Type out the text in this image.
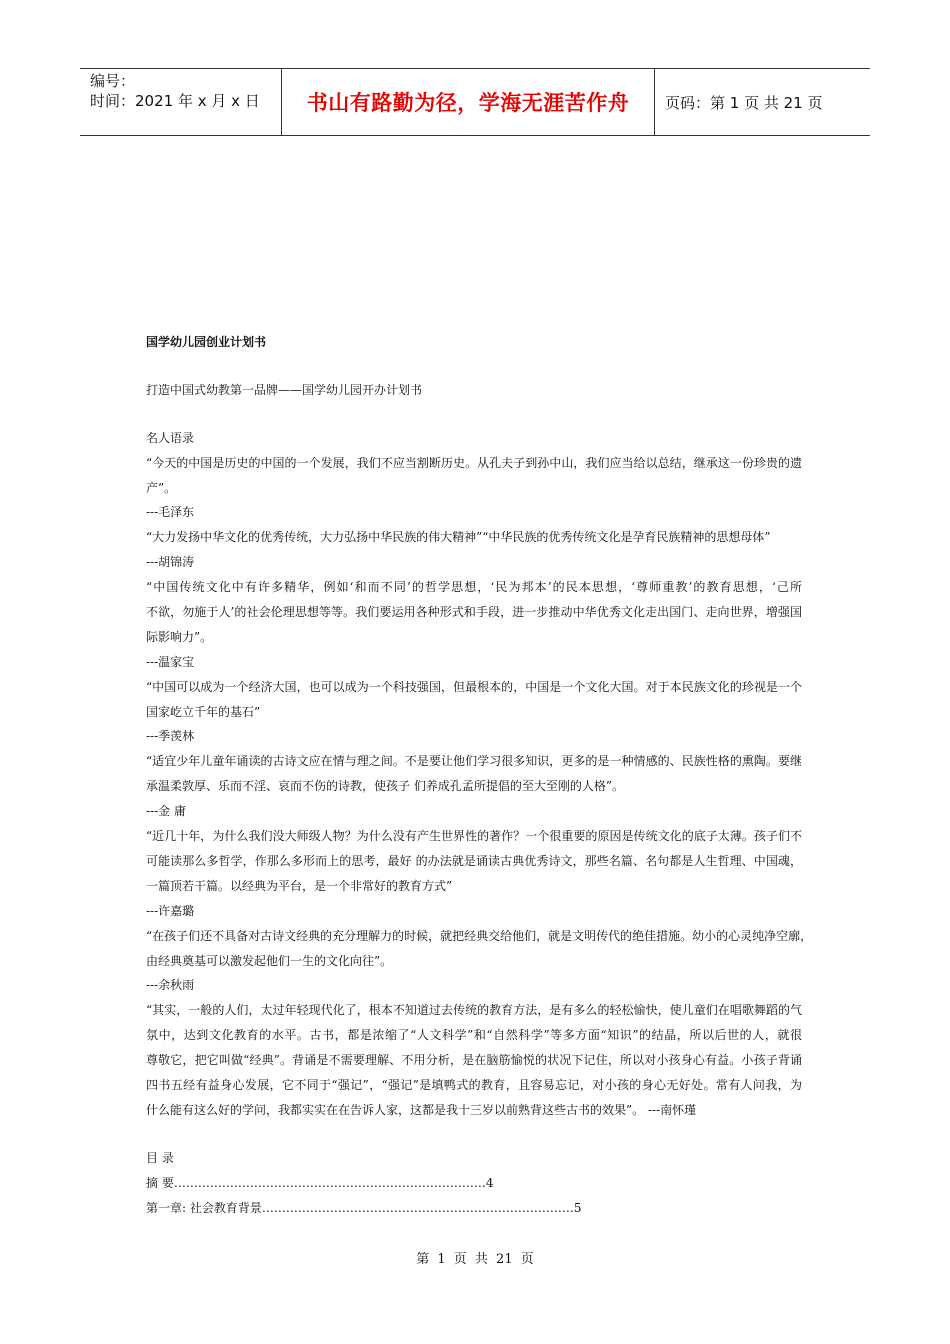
编号：
时间：2021 年 x 月 x 日	书山有路勤为径，学海无涯苦作舟	页码：第 1 页 共 21 页
国学幼儿园创业计划书
打造中国式幼教第一品牌——国学幼儿园开办计划书
名人语录
“今天的中国是历史的中国的一个发展，我们不应当割断历史。从孔夫子到孙中山，我们应当给以总结，继承这一份珍贵的遗
产”。
---毛泽东
“大力发扬中华文化的优秀传统，大力弘扬中华民族的伟大精神”“中华民族的优秀传统文化是孕育民族精神的思想母体”
---胡锦涛
“中国传统文化中有许多精华，例如‘和而不同’的哲学思想，‘民为邦本’的民本思想，‘尊师重教’的教育思想，‘己所
不欲，勿施于人’的社会伦理思想等等。我们要运用各种形式和手段，进一步推动中华优秀文化走出国门、走向世界，增强国
际影响力”。
---温家宝
“中国可以成为一个经济大国，也可以成为一个科技强国，但最根本的，中国是一个文化大国。对于本民族文化的珍视是一个
国家屹立千年的基石”
---季羡林
“适宜少年儿童年诵读的古诗文应在情与理之间。不是要让他们学习很多知识，更多的是一种情感的、民族性格的熏陶。要继
承温柔敦厚、乐而不淫、哀而不伤的诗教，使孩子 们养成孔孟所提倡的至大至刚的人格”。
---金 庸
“近几十年，为什么我们没大师级人物？为什么没有产生世界性的著作？一个很重要的原因是传统文化的底子太薄。孩子们不
可能读那么多哲学，作那么多形而上的思考，最好 的办法就是诵读古典优秀诗文，那些名篇、名句都是人生哲理、中国魂，
一篇顶若干篇。以经典为平台，是一个非常好的教育方式”
---许嘉璐
“在孩子们还不具备对古诗文经典的充分理解力的时候，就把经典交给他们，就是文明传代的绝佳措施。幼小的心灵纯净空廓，
由经典奠基可以激发起他们一生的文化向往”。
---余秋雨
“其实，一般的人们，太过年轻现代化了，根本不知道过去传统的教育方法，是有多么的轻松愉快，使儿童们在唱歌舞蹈的气
氛中，达到文化教育的水平。古书，都是浓缩了“人文科学”和“自然科学”等多方面“知识”的结晶，所以后世的人，就很
尊敬它，把它叫做“经典”。背诵是不需要理解、不用分析，是在脑筋愉悦的状况下记住，所以对小孩身心有益。小孩子背诵
四书五经有益身心发展，它不同于“强记”，“强记”是填鸭式的教育，且容易忘记，对小孩的身心无好处。常有人问我，为
什么能有这么好的学问，我都实实在在告诉人家，这都是我十三岁以前熟背这些古书的效果”。 ---南怀瑾
目 录
摘 要……………………………………………………………………4
第一章: 社会教育背景……………………………………………………………………5
第 1 页 共 21 页
